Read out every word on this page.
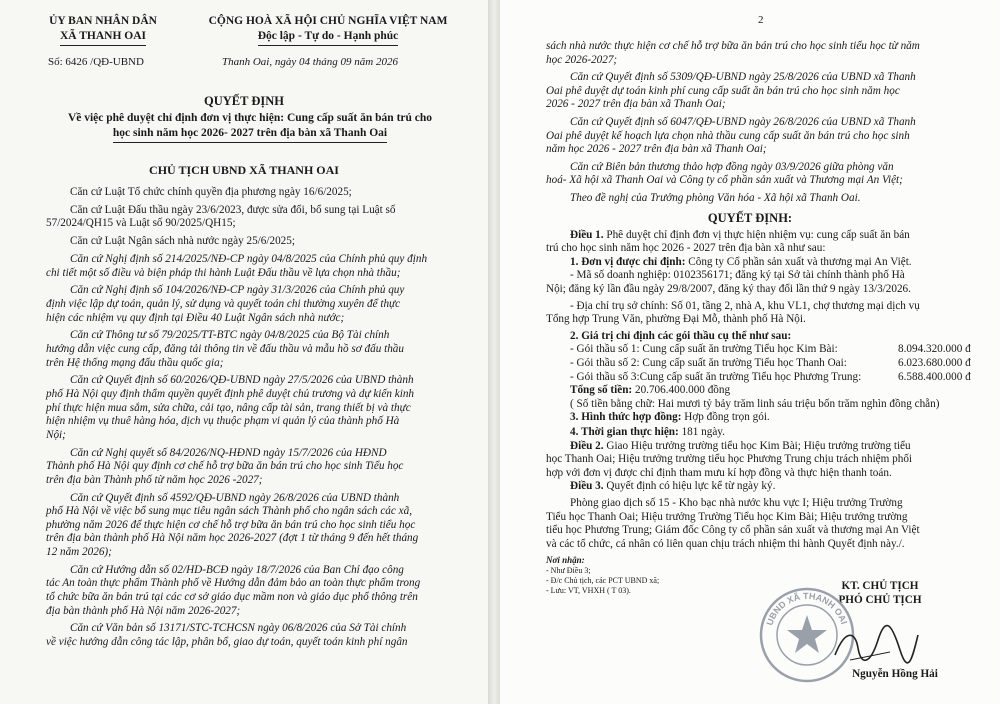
ỦY BAN NHÂN DÂN
XÃ THANH OAI
CỘNG HOÀ XÃ HỘI CHỦ NGHĨA VIỆT NAM
Độc lập - Tự do - Hạnh phúc
Số: 6426 /QĐ-UBND	Thanh Oai, ngày 04 tháng 09 năm 2026
QUYẾT ĐỊNH
Về việc phê duyệt chỉ định đơn vị thực hiện: Cung cấp suất ăn bán trú cho
học sinh năm học 2026- 2027 trên địa bàn xã Thanh Oai
CHỦ TỊCH UBND XÃ THANH OAI
Căn cứ Luật Tổ chức chính quyền địa phương ngày 16/6/2025;
Căn cứ Luật Đấu thầu ngày 23/6/2023, được sửa đổi, bổ sung tại Luật số
57/2024/QH15 và Luật số 90/2025/QH15;
Căn cứ Luật Ngân sách nhà nước ngày 25/6/2025;
Căn cứ Nghị định số 214/2025/NĐ-CP ngày 04/8/2025 của Chính phủ quy định
chi tiết một số điều và biện pháp thi hành Luật Đấu thầu về lựa chọn nhà thầu;
Căn cứ Nghị định số 104/2026/NĐ-CP ngày 31/3/2026 của Chính phủ quy
định việc lập dự toán, quản lý, sử dụng và quyết toán chi thường xuyên để thực
hiện các nhiệm vụ quy định tại Điều 40 Luật Ngân sách nhà nước;
Căn cứ Thông tư số 79/2025/TT-BTC ngày 04/8/2025 của Bộ Tài chính
hướng dẫn việc cung cấp, đăng tải thông tin về đấu thầu và mẫu hồ sơ đấu thầu
trên Hệ thống mạng đấu thầu quốc gia;
Căn cứ Quyết định số 60/2026/QĐ-UBND ngày 27/5/2026 của UBND thành
phố Hà Nội quy định thẩm quyền quyết định phê duyệt chủ trương và dự kiến kinh
phí thực hiện mua sắm, sửa chữa, cải tạo, nâng cấp tài sản, trang thiết bị và thực
hiện nhiệm vụ thuê hàng hóa, dịch vụ thuộc phạm vi quản lý của thành phố Hà
Nội;
Căn cứ Nghị quyết số 84/2026/NQ-HĐND ngày 15/7/2026 của HĐND
Thành phố Hà Nội quy định cơ chế hỗ trợ bữa ăn bán trú cho học sinh Tiểu học
trên địa bàn Thành phố từ năm học 2026 -2027;
Căn cứ Quyết định số 4592/QĐ-UBND ngày 26/8/2026 của UBND thành
phố Hà Nội về việc bổ sung mục tiêu ngân sách Thành phố cho ngân sách các xã,
phường năm 2026 để thực hiện cơ chế hỗ trợ bữa ăn bán trú cho học sinh tiểu học
trên địa bàn thành phố Hà Nội năm học 2026-2027 (đợt 1 từ tháng 9 đến hết tháng
12 năm 2026);
Căn cứ Hướng dẫn số 02/HD-BCĐ ngày 18/7/2026 của Ban Chỉ đạo công
tác An toàn thực phẩm Thành phố về Hướng dẫn đảm bảo an toàn thực phẩm trong
tổ chức bữa ăn bán trú tại các cơ sở giáo dục mầm non và giáo dục phổ thông trên
địa bàn thành phố Hà Nội năm 2026-2027;
Căn cứ Văn bản số 13171/STC-TCHCSN ngày 06/8/2026 của Sở Tài chính
về việc hướng dẫn công tác lập, phân bổ, giao dự toán, quyết toán kinh phí ngân
2
sách nhà nước thực hiện cơ chế hỗ trợ bữa ăn bán trú cho học sinh tiểu học từ năm
học 2026-2027;
Căn cứ Quyết định số 5309/QĐ-UBND ngày 25/8/2026 của UBND xã Thanh
Oai phê duyệt dự toán kinh phí cung cấp suất ăn bán trú cho học sinh năm học
2026 - 2027 trên địa bàn xã Thanh Oai;
Căn cứ Quyết định số 6047/QĐ-UBND ngày 26/8/2026 của UBND xã Thanh
Oai phê duyệt kế hoạch lựa chọn nhà thầu cung cấp suất ăn bán trú cho học sinh
năm học 2026 - 2027 trên địa bàn xã Thanh Oai;
Căn cứ Biên bản thương thảo hợp đồng ngày 03/9/2026 giữa phòng văn
hoá- Xã hội xã Thanh Oai và Công ty cổ phần sản xuất và Thương mại An Việt;
Theo đề nghị của Trưởng phòng Văn hóa - Xã hội xã Thanh Oai.
QUYẾT ĐỊNH:
Điều 1. Phê duyệt chỉ định đơn vị thực hiện nhiệm vụ: cung cấp suất ăn bán
trú cho học sinh năm học 2026 - 2027 trên địa bàn xã như sau:
1. Đơn vị được chỉ định: Công ty Cổ phần sản xuất và thương mại An Việt.
- Mã số doanh nghiệp: 0102356171; đăng ký tại Sở tài chính thành phố Hà
Nội; đăng ký lần đầu ngày 29/8/2007, đăng ký thay đổi lần thứ 9 ngày 13/3/2026.
- Địa chỉ trụ sở chính: Số 01, tầng 2, nhà A, khu VL1, chợ thương mại dịch vụ
Tổng hợp Trung Văn, phường Đại Mỗ, thành phố Hà Nội.
2. Giá trị chỉ định các gói thầu cụ thể như sau:
- Gói thầu số 1: Cung cấp suất ăn trường Tiểu học Kim Bài:	8.094.320.000 đ
- Gói thầu số 2: Cung cấp suất ăn trường Tiểu học Thanh Oai:	6.023.680.000 đ
- Gói thầu số 3:Cung cấp suất ăn trường Tiểu học Phương Trung:	6.588.400.000 đ
Tổng số tiền: 20.706.400.000 đồng
( Số tiền bằng chữ: Hai mươi tỷ bảy trăm linh sáu triệu bốn trăm nghìn đồng chẵn)
3. Hình thức hợp đồng: Hợp đồng trọn gói.
4. Thời gian thực hiện: 181 ngày.
Điều 2. Giao Hiệu trưởng trường tiểu học Kim Bài; Hiệu trưởng trường tiểu
học Thanh Oai; Hiệu trưởng trường tiểu học Phương Trung chịu trách nhiệm phối
hợp với đơn vị được chỉ định tham mưu kí hợp đồng và thực hiện thanh toán.
Điều 3. Quyết định có hiệu lực kể từ ngày ký.
Phòng giao dịch số 15 - Kho bạc nhà nước khu vực I; Hiệu trưởng Trường
Tiểu học Thanh Oai; Hiệu trưởng Trường Tiểu học Kim Bài; Hiệu trưởng trường
tiểu học Phương Trung; Giám đốc Công ty cổ phần sản xuất và thương mại An Việt
và các tổ chức, cá nhân có liên quan chịu trách nhiệm thi hành Quyết định này./.
Nơi nhận:
- Như Điều 3;
- Đ/c Chủ tịch, các PCT UBND xã;
- Lưu: VT, VHXH ( T 03).	KT. CHỦ TỊCH
PHÓ CHỦ TỊCH
Nguyễn Hồng Hải
UBND XÃ THANH OAI
